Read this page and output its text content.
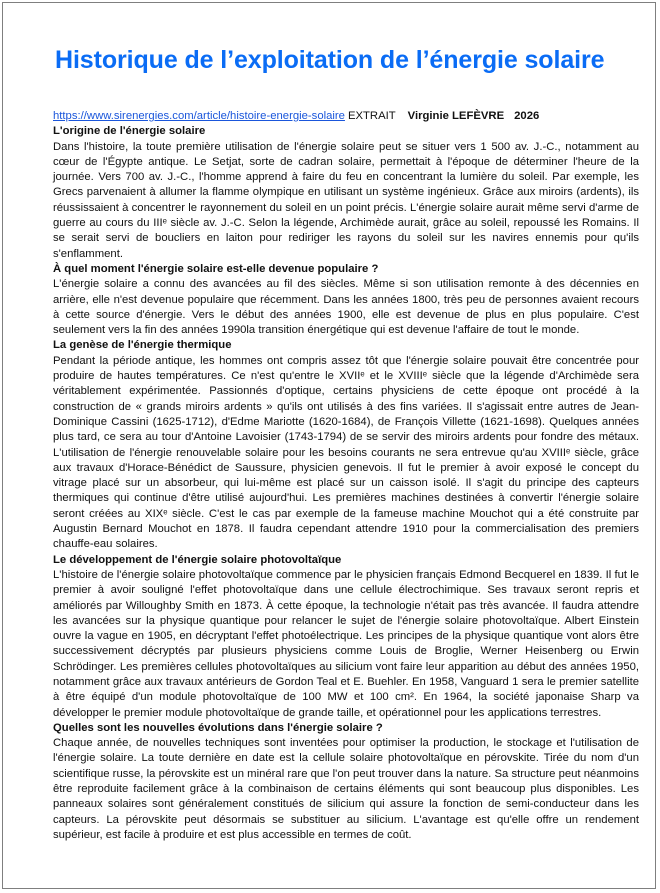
Historique de l’exploitation de l’énergie solaire
https://www.sirenergies.com/article/histoire-energie-solaire EXTRAIT Virginie LEFÈVRE 2026

L'origine de l'énergie solaire

Dans l'histoire, la toute première utilisation de l'énergie solaire peut se situer vers 1 500 av. J.-C., notamment au cœur de l'Égypte antique. Le Setjat, sorte de cadran solaire, permettait à l'époque de déterminer l'heure de la journée. Vers 700 av. J.-C., l'homme apprend à faire du feu en concentrant la lumière du soleil. Par exemple, les Grecs parvenaient à allumer la flamme olympique en utilisant un système ingénieux. Grâce aux miroirs (ardents), ils réussissaient à concentrer le rayonnement du soleil en un point précis. L'énergie solaire aurait même servi d'arme de guerre au cours du IIIᵉ siècle av. J.-C. Selon la légende, Archimède aurait, grâce au soleil, repoussé les Romains. Il se serait servi de boucliers en laiton pour rediriger les rayons du soleil sur les navires ennemis pour qu'ils s'enflamment.

À quel moment l'énergie solaire est-elle devenue populaire ?

L'énergie solaire a connu des avancées au fil des siècles. Même si son utilisation remonte à des décennies en arrière, elle n'est devenue populaire que récemment. Dans les années 1800, très peu de personnes avaient recours à cette source d'énergie. Vers le début des années 1900, elle est devenue de plus en plus populaire. C'est seulement vers la fin des années 1990la transition énergétique qui est devenue l'affaire de tout le monde.

La genèse de l'énergie thermique

Pendant la période antique, les hommes ont compris assez tôt que l'énergie solaire pouvait être concentrée pour produire de hautes températures. Ce n'est qu'entre le XVIIᵉ et le XVIIIᵉ siècle que la légende d'Archimède sera véritablement expérimentée. Passionnés d'optique, certains physiciens de cette époque ont procédé à la construction de « grands miroirs ardents » qu'ils ont utilisés à des fins variées. Il s'agissait entre autres de Jean-Dominique Cassini (1625-1712), d'Edme Mariotte (1620-1684), de François Villette (1621-1698). Quelques années plus tard, ce sera au tour d'Antoine Lavoisier (1743-1794) de se servir des miroirs ardents pour fondre des métaux. L'utilisation de l'énergie renouvelable solaire pour les besoins courants ne sera entrevue qu'au XVIIIᵉ siècle, grâce aux travaux d'Horace-Bénédict de Saussure, physicien genevois. Il fut le premier à avoir exposé le concept du vitrage placé sur un absorbeur, qui lui-même est placé sur un caisson isolé. Il s'agit du principe des capteurs thermiques qui continue d'être utilisé aujourd'hui. Les premières machines destinées à convertir l'énergie solaire seront créées au XIXᵉ siècle. C'est le cas par exemple de la fameuse machine Mouchot qui a été construite par Augustin Bernard Mouchot en 1878. Il faudra cependant attendre 1910 pour la commercialisation des premiers chauffe-eau solaires.

Le développement de l'énergie solaire photovoltaïque

L'histoire de l'énergie solaire photovoltaïque commence par le physicien français Edmond Becquerel en 1839. Il fut le premier à avoir souligné l'effet photovoltaïque dans une cellule électrochimique. Ses travaux seront repris et améliorés par Willoughby Smith en 1873. À cette époque, la technologie n'était pas très avancée. Il faudra attendre les avancées sur la physique quantique pour relancer le sujet de l'énergie solaire photovoltaïque. Albert Einstein ouvre la vague en 1905, en décryptant l'effet photoélectrique. Les principes de la physique quantique vont alors être successivement décryptés par plusieurs physiciens comme Louis de Broglie, Werner Heisenberg ou Erwin Schrödinger. Les premières cellules photovoltaïques au silicium vont faire leur apparition au début des années 1950, notamment grâce aux travaux antérieurs de Gordon Teal et E. Buehler. En 1958, Vanguard 1 sera le premier satellite à être équipé d'un module photovoltaïque de 100 MW et 100 cm². En 1964, la société japonaise Sharp va développer le premier module photovoltaïque de grande taille, et opérationnel pour les applications terrestres.

Quelles sont les nouvelles évolutions dans l'énergie solaire ?

Chaque année, de nouvelles techniques sont inventées pour optimiser la production, le stockage et l'utilisation de l'énergie solaire. La toute dernière en date est la cellule solaire photovoltaïque en pérovskite. Tirée du nom d'un scientifique russe, la pérovskite est un minéral rare que l'on peut trouver dans la nature. Sa structure peut néanmoins être reproduite facilement grâce à la combinaison de certains éléments qui sont beaucoup plus disponibles. Les panneaux solaires sont généralement constitués de silicium qui assure la fonction de semi-conducteur dans les capteurs. La pérovskite peut désormais se substituer au silicium. L'avantage est qu'elle offre un rendement supérieur, est facile à produire et est plus accessible en termes de coût.
